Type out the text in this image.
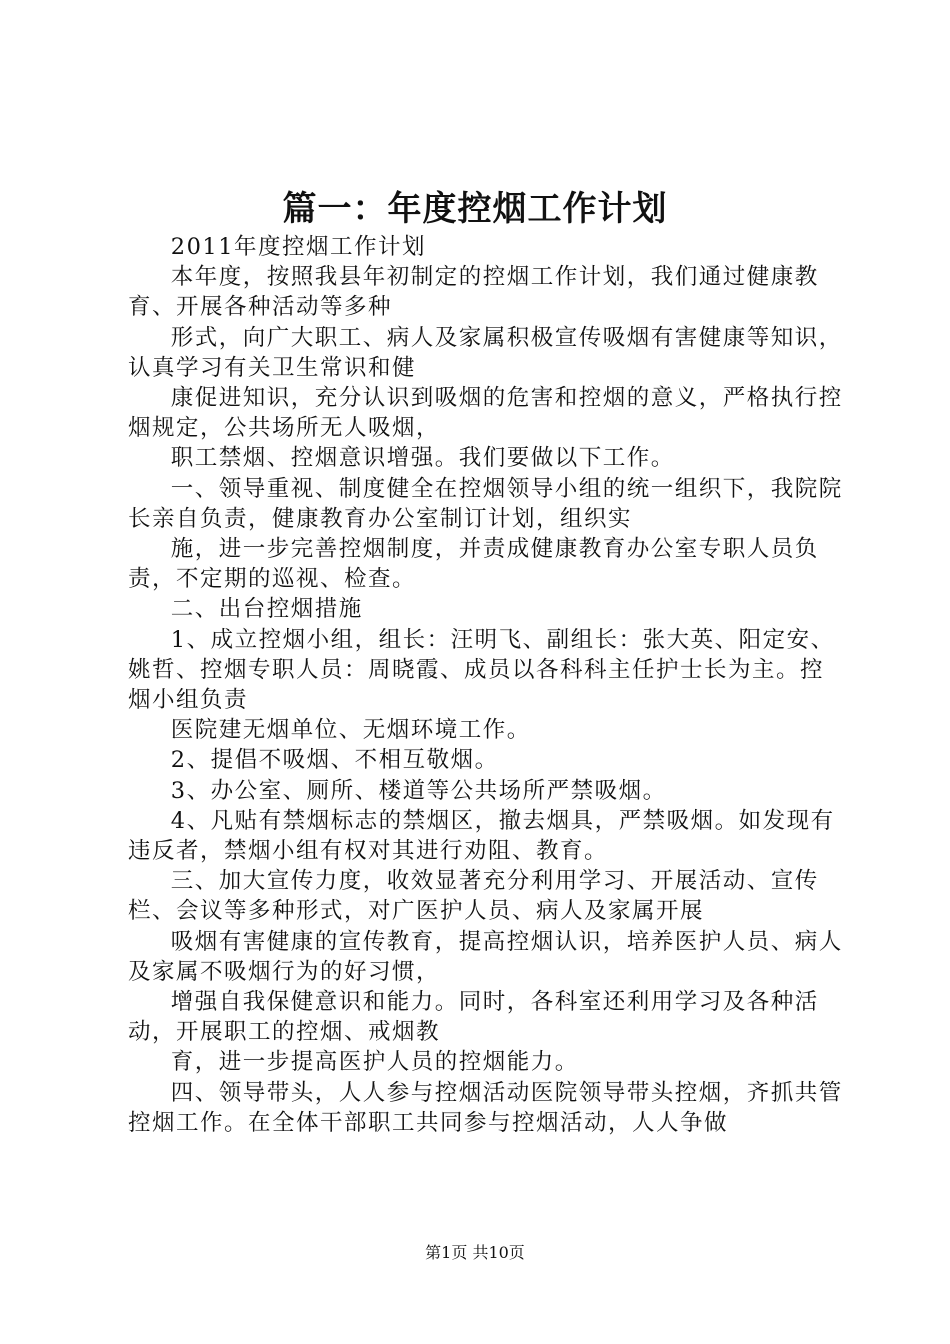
篇一：年度控烟工作计划

2011年度控烟工作计划

本年度，按照我县年初制定的控烟工作计划，我们通过健康教育、开展各种活动等多种

形式，向广大职工、病人及家属积极宣传吸烟有害健康等知识，认真学习有关卫生常识和健

康促进知识，充分认识到吸烟的危害和控烟的意义，严格执行控烟规定，公共场所无人吸烟，

职工禁烟、控烟意识增强。我们要做以下工作。

一、领导重视、制度健全在控烟领导小组的统一组织下，我院院长亲自负责，健康教育办公室制订计划，组织实

施，进一步完善控烟制度，并责成健康教育办公室专职人员负责，不定期的巡视、检查。

二、出台控烟措施

1、成立控烟小组，组长：汪明飞、副组长：张大英、阳定安、姚哲、控烟专职人员：周晓霞、成员以各科科主任护士长为主。控烟小组负责

医院建无烟单位、无烟环境工作。

2、提倡不吸烟、不相互敬烟。

3、办公室、厕所、楼道等公共场所严禁吸烟。

4、凡贴有禁烟标志的禁烟区，撤去烟具，严禁吸烟。如发现有违反者，禁烟小组有权对其进行劝阻、教育。

三、加大宣传力度，收效显著充分利用学习、开展活动、宣传栏、会议等多种形式，对广医护人员、病人及家属开展

吸烟有害健康的宣传教育，提高控烟认识，培养医护人员、病人及家属不吸烟行为的好习惯，

增强自我保健意识和能力。同时，各科室还利用学习及各种活动，开展职工的控烟、戒烟教

育，进一步提高医护人员的控烟能力。

四、领导带头，人人参与控烟活动医院领导带头控烟，齐抓共管控烟工作。在全体干部职工共同参与控烟活动，人人争做

第1页 共10页
